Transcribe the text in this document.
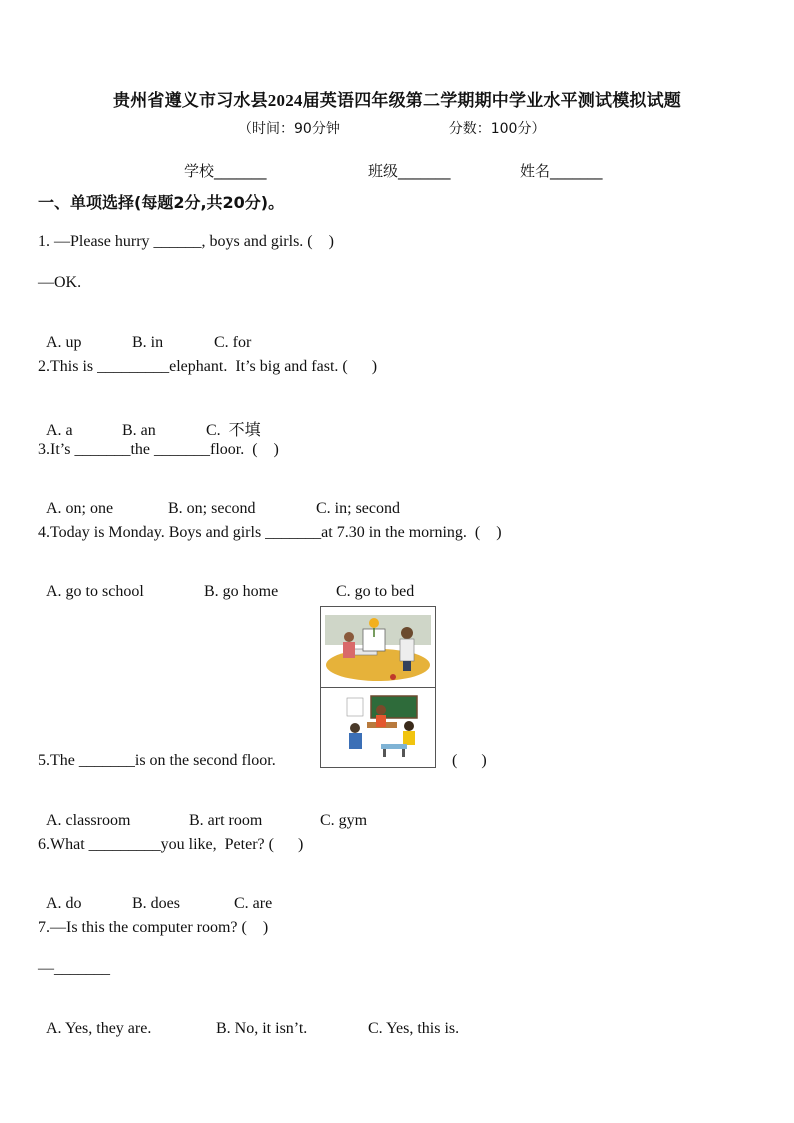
贵州省遵义市习水县2024届英语四年级第二学期期中学业水平测试模拟试题
（时间：90分钟	分数：100分）
学校_______	班级_______	姓名_______
一、单项选择(每题2分,共20分)。
1. —Please hurry ______, boys and girls. (    )
—OK.

A. up	B. in	C. for

2.This is _________elephant.  It’s big and fast. (      )

A. a	B. an	C.  不填

3.It’s _______the _______floor.  (    )

A. on; one	B. on; second	C. in; second

4.Today is Monday. Boys and girls _______at 7.30 in the morning.  (    )

A. go to school	B. go home	C. go to bed

5.The _______is on the second floor.	(      )

A. classroom	B. art room	C. gym

6.What _________you like,  Peter? (      )

A. do	B. does	C. are

7.—Is this the computer room? (    )
—_______

A. Yes, they are.	B. No, it isn’t.	C. Yes, this is.
